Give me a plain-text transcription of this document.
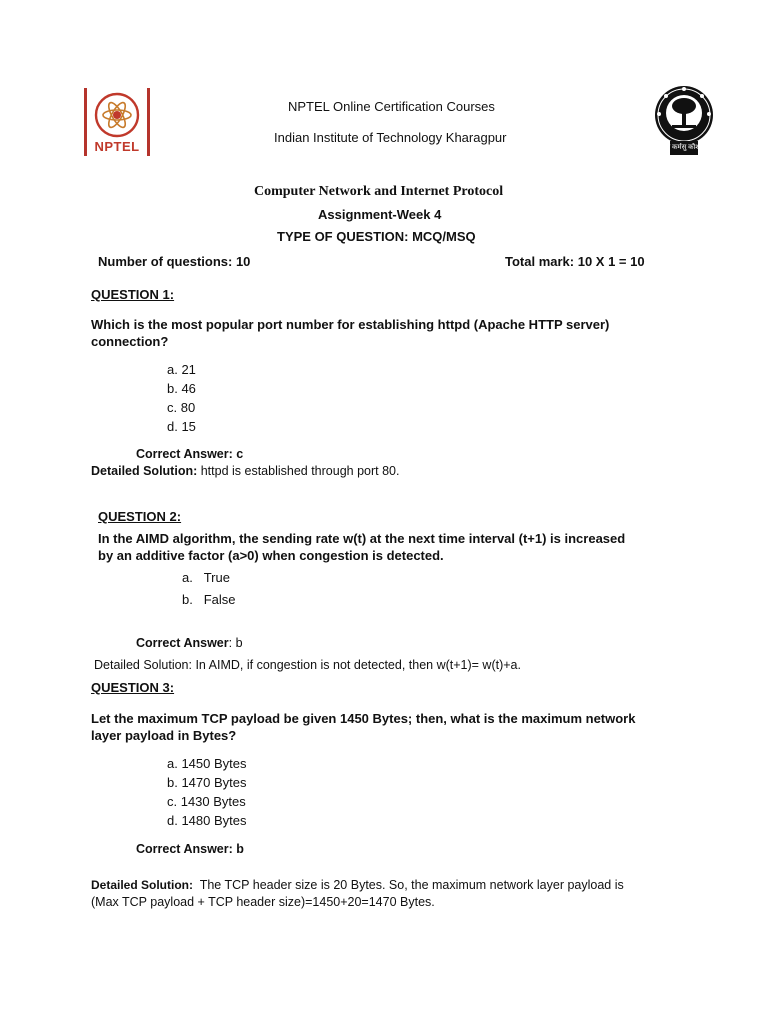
NPTEL
NPTEL Online Certification Courses
Indian Institute of Technology Kharagpur
योगः कर्मसु कौशलम्
Computer Network and Internet Protocol
Assignment-Week 4
TYPE OF QUESTION: MCQ/MSQ
Number of questions: 10	Total mark: 10 X 1 = 10
QUESTION 1:
Which is the most popular port number for establishing httpd (Apache HTTP server)
connection?
a. 21
b. 46
c. 80
d. 15
Correct Answer: c
Detailed Solution: httpd is established through port 80.
QUESTION 2:
In the AIMD algorithm, the sending rate w(t) at the next time interval (t+1) is increased
by an additive factor (a>0) when congestion is detected.
a. True
b. False
Correct Answer: b
Detailed Solution: In AIMD, if congestion is not detected, then w(t+1)= w(t)+a.
QUESTION 3:
Let the maximum TCP payload be given 1450 Bytes; then, what is the maximum network
layer payload in Bytes?
a. 1450 Bytes
b. 1470 Bytes
c. 1430 Bytes
d. 1480 Bytes
Correct Answer: b
Detailed Solution:  The TCP header size is 20 Bytes. So, the maximum network layer payload is
(Max TCP payload + TCP header size)=1450+20=1470 Bytes.
